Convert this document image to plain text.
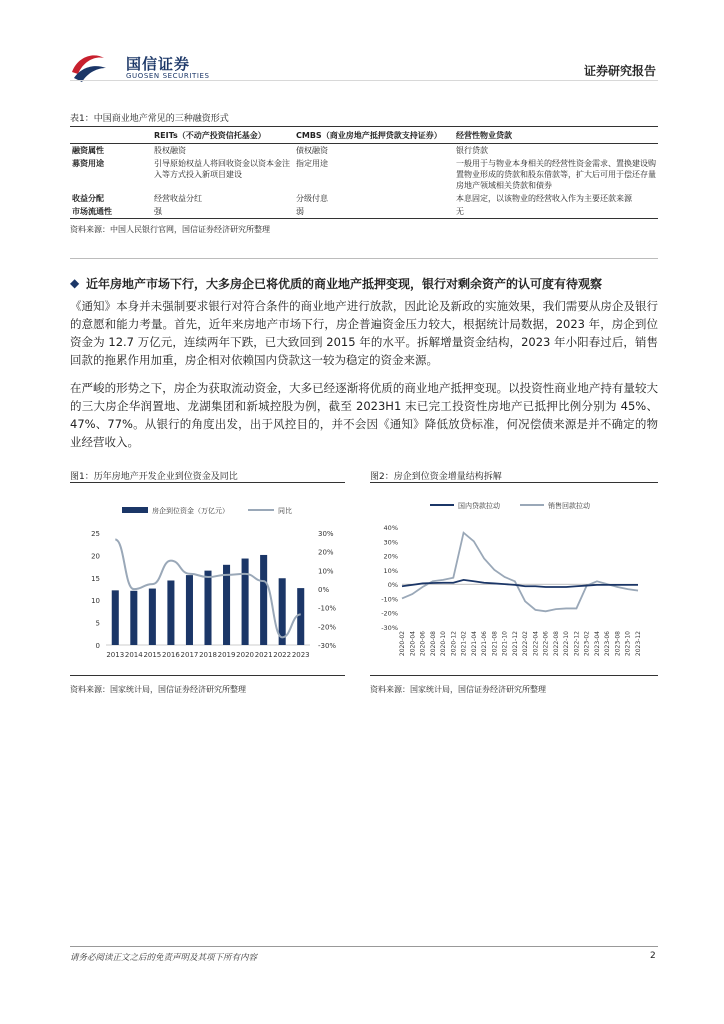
国信证券
GUOSEN SECURITIES	证券研究报告
表1：中国商业地产常见的三种融资形式
	REITs（不动产投资信托基金）	CMBS（商业房地产抵押贷款支持证券）	经营性物业贷款
融资属性	股权融资	债权融资	银行贷款
募资用途	引导原始权益人将回收资金以资本金注入等方式投入新项目建设	指定用途	一般用于与物业本身相关的经营性资金需求、置换建设购置物业形成的贷款和股东借款等，扩大后可用于偿还存量房地产领域相关贷款和债券
收益分配	经营收益分红	分级付息	本息固定，以该物业的经营收入作为主要还款来源
市场流通性	强	弱	无
资料来源：中国人民银行官网，国信证券经济研究所整理
◆ 近年房地产市场下行，大多房企已将优质的商业地产抵押变现，银行对剩余资产的认可度有待观察
《通知》本身并未强制要求银行对符合条件的商业地产进行放款，因此论及新政的实施效果，我们需要从房企及银行的意愿和能力考量。首先，近年来房地产市场下行，房企普遍资金压力较大，根据统计局数据，2023 年，房企到位资金为 12.7 万亿元，连续两年下跌，已大致回到 2015 年的水平。拆解增量资金结构，2023 年小阳春过后，销售回款的拖累作用加重，房企相对依赖国内贷款这一较为稳定的资金来源。
在严峻的形势之下，房企为获取流动资金，大多已经逐渐将优质的商业地产抵押变现。以投资性商业地产持有量较大的三大房企华润置地、龙湖集团和新城控股为例，截至 2023H1 末已完工投资性房地产已抵押比例分别为 45%、47%、77%。从银行的角度出发，出于风控目的，并不会因《通知》降低放贷标准，何况偿债来源是并不确定的物业经营收入。
图1：历年房地产开发企业到位资金及同比
房企到位资金（万亿元）	同比
0
5
10
15
20
25
-30%
-20%
-10%
0%
10%
20%
30%
2013 2014 2015 2016 2017 2018 2019 2020 2021 2022 2023
资料来源：国家统计局，国信证券经济研究所整理
图2：房企到位资金增量结构拆解
国内贷款拉动	销售回款拉动
-30%
-20%
-10%
0%
10%
20%
30%
40%
2020-02 2020-04 2020-06 2020-08 2020-10 2020-12 2021-02 2021-04 2021-06 2021-08 2021-10 2021-12 2022-02 2022-04 2022-06 2022-08 2022-10 2022-12 2023-02 2023-04 2023-06 2023-08 2023-10 2023-12
资料来源：国家统计局，国信证券经济研究所整理
请务必阅读正文之后的免责声明及其项下所有内容	2
